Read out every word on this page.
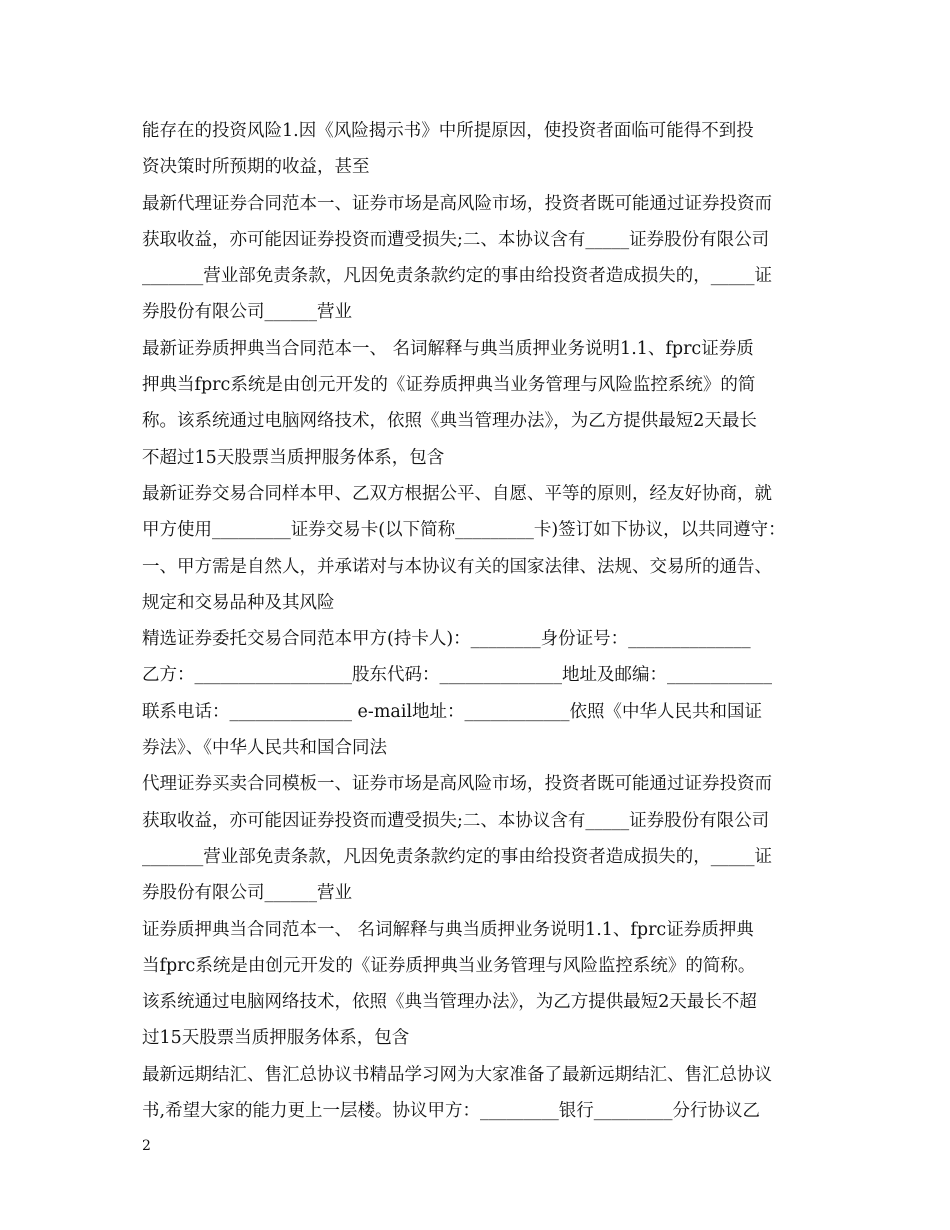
能存在的投资风险1.因《风险揭示书》中所提原因，使投资者面临可能得不到投
资决策时所预期的收益，甚至
最新代理证券合同范本一、证券市场是高风险市场，投资者既可能通过证券投资而
获取收益，亦可能因证券投资而遭受损失;二、本协议含有_____证券股份有限公司
_______营业部免责条款，凡因免责条款约定的事由给投资者造成损失的，_____证
券股份有限公司______营业
最新证券质押典当合同范本一、 名词解释与典当质押业务说明1.1、fprc证券质
押典当fprc系统是由创元开发的《证券质押典当业务管理与风险监控系统》的简
称。该系统通过电脑网络技术，依照《典当管理办法》，为乙方提供最短2天最长
不超过15天股票当质押服务体系，包含
最新证券交易合同样本甲、乙双方根据公平、自愿、平等的原则，经友好协商，就
甲方使用_________证券交易卡(以下简称_________卡)签订如下协议，以共同遵守：
一、甲方需是自然人，并承诺对与本协议有关的国家法律、法规、交易所的通告、
规定和交易品种及其风险
精选证券委托交易合同范本甲方(持卡人)：________身份证号：______________
乙方：__________________股东代码：______________地址及邮编：____________
联系电话：______________ e-mail地址：____________依照《中华人民共和国证
券法》、《中华人民共和国合同法
代理证券买卖合同模板一、证券市场是高风险市场，投资者既可能通过证券投资而
获取收益，亦可能因证券投资而遭受损失;二、本协议含有_____证券股份有限公司
_______营业部免责条款，凡因免责条款约定的事由给投资者造成损失的，_____证
券股份有限公司______营业
证券质押典当合同范本一、 名词解释与典当质押业务说明1.1、fprc证券质押典
当fprc系统是由创元开发的《证券质押典当业务管理与风险监控系统》的简称。
该系统通过电脑网络技术，依照《典当管理办法》，为乙方提供最短2天最长不超
过15天股票当质押服务体系，包含
最新远期结汇、售汇总协议书精品学习网为大家准备了最新远期结汇、售汇总协议
书,希望大家的能力更上一层楼。协议甲方：_________银行_________分行协议乙
2
